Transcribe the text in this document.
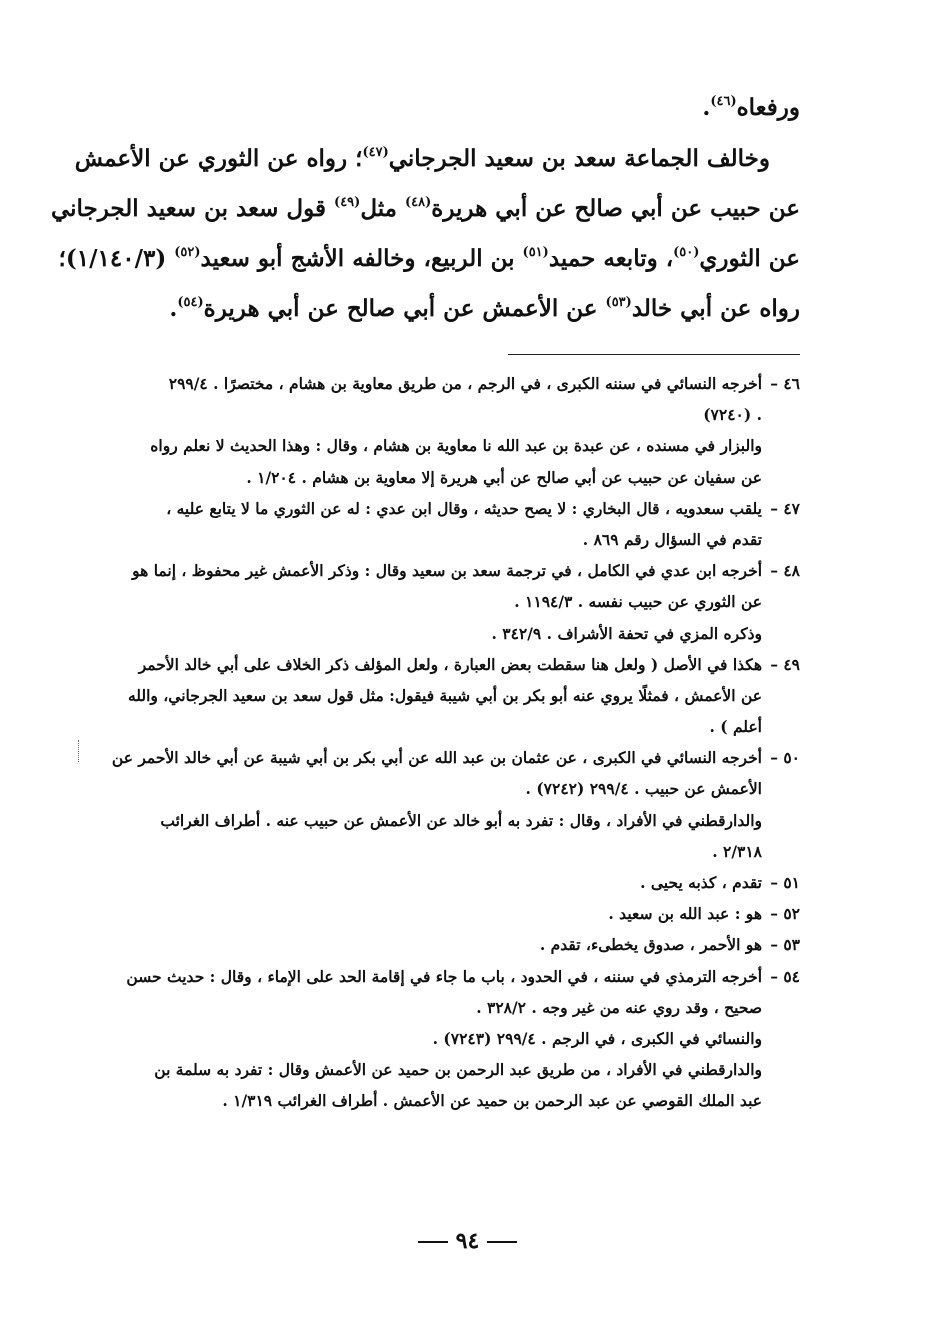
ورفعاه$^{(٤٦)}$.
وخالف الجماعة سعد بن سعيد الجرجاني$^{(٤٧)}$؛ رواه عن الثوري عن الأعمش
عن حبيب عن أبي صالح عن أبي هريرة$^{(٤٨)}$ مثل$^{(٤٩)}$ قول سعد بن سعيد الجرجاني
عن الثوري$^{(٥٠)}$، وتابعه حميد$^{(٥١)}$ بن الربيع، وخالفه الأشج أبو سعيد$^{(٥٢)}$ (١/١٤٠/٣)؛
رواه عن أبي خالد$^{(٥٣)}$ عن الأعمش عن أبي صالح عن أبي هريرة$^{(٥٤)}$.
٤٦ –
أخرجه النسائي في سننه الكبرى ، في الرجم ، من طريق معاوية بن هشام ، مختصرًا . ٢٩٩/٤
. (٧٢٤٠)
والبزار في مسنده ، عن عبدة بن عبد الله نا معاوية بن هشام ، وقال : وهذا الحديث لا نعلم رواه
عن سفيان عن حبيب عن أبي صالح عن أبي هريرة إلا معاوية بن هشام . ١/٢٠٤ .
٤٧ –
يلقب سعدويه ، قال البخاري : لا يصح حديثه ، وقال ابن عدي : له عن الثوري ما لا يتابع عليه ،
تقدم في السؤال رقم ٨٦٩ .
٤٨ –
أخرجه ابن عدي في الكامل ، في ترجمة سعد بن سعيد وقال : وذكر الأعمش غير محفوظ ، إنما هو
عن الثوري عن حبيب نفسه . ١١٩٤/٣ .
وذكره المزي في تحفة الأشراف . ٣٤٢/٩ .
٤٩ –
هكذا في الأصل ( ولعل هنا سقطت بعض العبارة ، ولعل المؤلف ذكر الخلاف على أبي خالد الأحمر
عن الأعمش ، فمثلًا يروي عنه أبو بكر بن أبي شيبة فيقول: مثل قول سعد بن سعيد الجرجاني، والله
أعلم ) .
٥٠ –
أخرجه النسائي في الكبرى ، عن عثمان بن عبد الله عن أبي بكر بن أبي شيبة عن أبي خالد الأحمر عن
الأعمش عن حبيب . ٢٩٩/٤ (٧٢٤٢) .
والدارقطني في الأفراد ، وقال : تفرد به أبو خالد عن الأعمش عن حبيب عنه . أطراف الغرائب
٢/٣١٨ .
٥١ –
تقدم ، كذبه يحيى .
٥٢ –
هو : عبد الله بن سعيد .
٥٣ –
هو الأحمر ، صدوق يخطىء، تقدم .
٥٤ –
أخرجه الترمذي في سننه ، في الحدود ، باب ما جاء في إقامة الحد على الإماء ، وقال : حديث حسن
صحيح ، وقد روي عنه من غير وجه . ٣٢٨/٢ .
والنسائي في الكبرى ، في الرجم . ٢٩٩/٤ (٧٢٤٣) .
والدارقطني في الأفراد ، من طريق عبد الرحمن بن حميد عن الأعمش وقال : تفرد به سلمة بن
عبد الملك القوصي عن عبد الرحمن بن حميد عن الأعمش . أطراف الغرائب ١/٣١٩ .
٩٤
